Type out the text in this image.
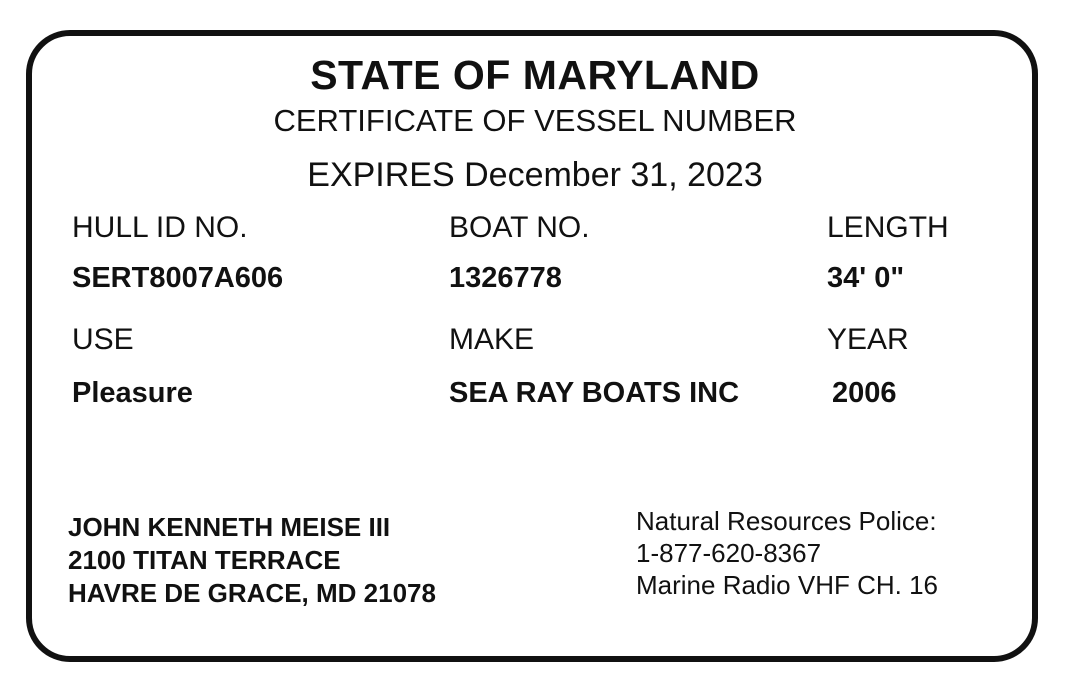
STATE OF MARYLAND
CERTIFICATE OF VESSEL NUMBER
EXPIRES December 31, 2023
HULL ID NO.	BOAT NO.	LENGTH
SERT8007A606	1326778	34' 0"
USE	MAKE	YEAR
Pleasure	SEA RAY BOATS INC	2006
JOHN KENNETH MEISE III
2100 TITAN TERRACE
HAVRE DE GRACE, MD 21078
Natural Resources Police:
1-877-620-8367
Marine Radio VHF CH. 16
